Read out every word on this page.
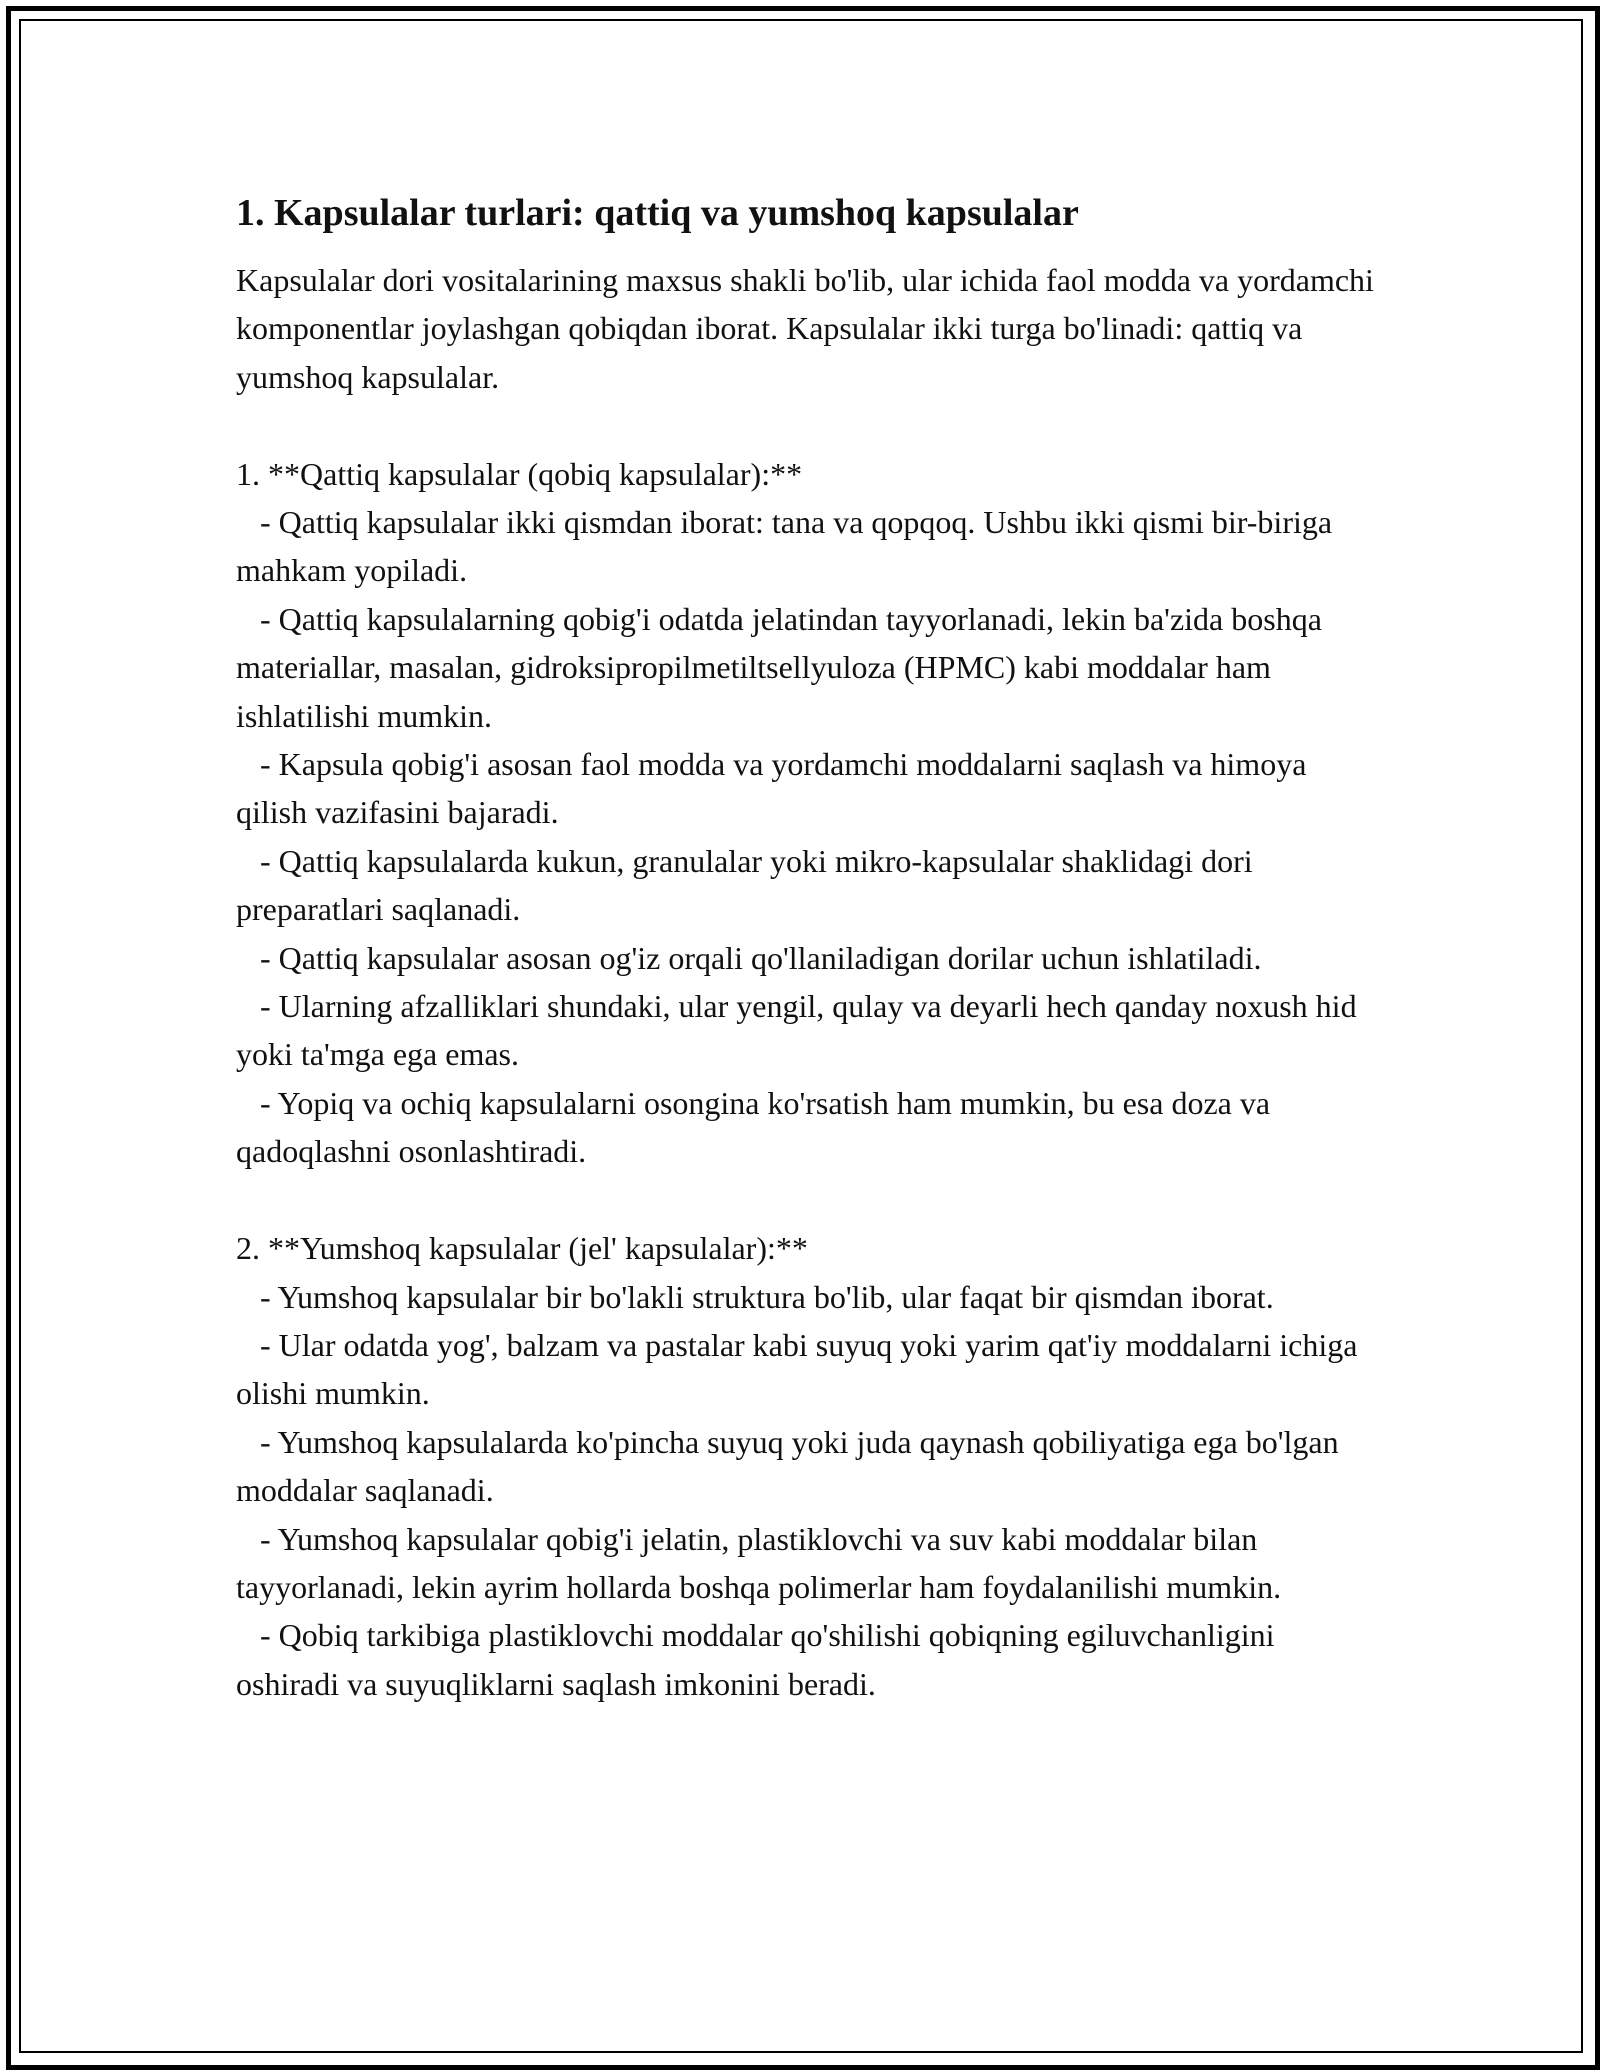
1. Kapsulalar turlari: qattiq va yumshoq kapsulalar

Kapsulalar dori vositalarining maxsus shakli bo'lib, ular ichida faol modda va yordamchi komponentlar joylashgan qobiqdan iborat. Kapsulalar ikki turga bo'linadi: qattiq va yumshoq kapsulalar.

1. **Qattiq kapsulalar (qobiq kapsulalar):**

- Qattiq kapsulalar ikki qismdan iborat: tana va qopqoq. Ushbu ikki qismi bir-biriga mahkam yopiladi.

- Qattiq kapsulalarning qobig'i odatda jelatindan tayyorlanadi, lekin ba'zida boshqa materiallar, masalan, gidroksipropilmetiltsellyuloza (HPMC) kabi moddalar ham ishlatilishi mumkin.

- Kapsula qobig'i asosan faol modda va yordamchi moddalarni saqlash va himoya qilish vazifasini bajaradi.

- Qattiq kapsulalarda kukun, granulalar yoki mikro-kapsulalar shaklidagi dori preparatlari saqlanadi.

- Qattiq kapsulalar asosan og'iz orqali qo'llaniladigan dorilar uchun ishlatiladi.

- Ularning afzalliklari shundaki, ular yengil, qulay va deyarli hech qanday noxush hid yoki ta'mga ega emas.

- Yopiq va ochiq kapsulalarni osongina ko'rsatish ham mumkin, bu esa doza va qadoqlashni osonlashtiradi.

2. **Yumshoq kapsulalar (jel' kapsulalar):**

- Yumshoq kapsulalar bir bo'lakli struktura bo'lib, ular faqat bir qismdan iborat.

- Ular odatda yog', balzam va pastalar kabi suyuq yoki yarim qat'iy moddalarni ichiga olishi mumkin.

- Yumshoq kapsulalarda ko'pincha suyuq yoki juda qaynash qobiliyatiga ega bo'lgan moddalar saqlanadi.

- Yumshoq kapsulalar qobig'i jelatin, plastiklovchi va suv kabi moddalar bilan tayyorlanadi, lekin ayrim hollarda boshqa polimerlar ham foydalanilishi mumkin.

- Qobiq tarkibiga plastiklovchi moddalar qo'shilishi qobiqning egiluvchanligini oshiradi va suyuqliklarni saqlash imkonini beradi.
